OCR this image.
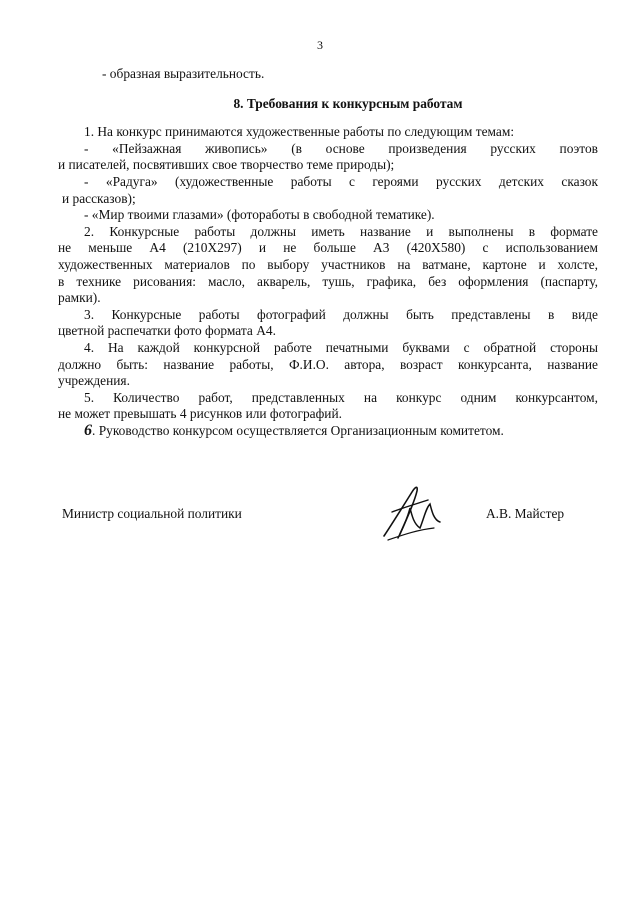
3
- образная выразительность.
8. Требования к конкурсным работам
1. На конкурс принимаются художественные работы по следующим темам:
- «Пейзажная живопись» (в основе произведения русских поэтов
и писателей, посвятивших свое творчество теме природы);
- «Радуга» (художественные работы с героями русских детских сказок
и рассказов);
- «Мир твоими глазами» (фотоработы в свободной тематике).
2. Конкурсные работы должны иметь название и выполнены в формате
не меньше А4 (210Х297) и не больше А3 (420Х580) с использованием
художественных материалов по выбору участников на ватмане, картоне и холсте,
в технике рисования: масло, акварель, тушь, графика, без оформления (паспарту,
рамки).
3. Конкурсные работы фотографий должны быть представлены в виде
цветной распечатки фото формата А4.
4. На каждой конкурсной работе печатными буквами с обратной стороны
должно быть: название работы, Ф.И.О. автора, возраст конкурсанта, название
учреждения.
5. Количество работ, представленных на конкурс одним конкурсантом,
не может превышать 4 рисунков или фотографий.
6. Руководство конкурсом осуществляется Организационным комитетом.
Министр социальной политики	А.В. Майстер
